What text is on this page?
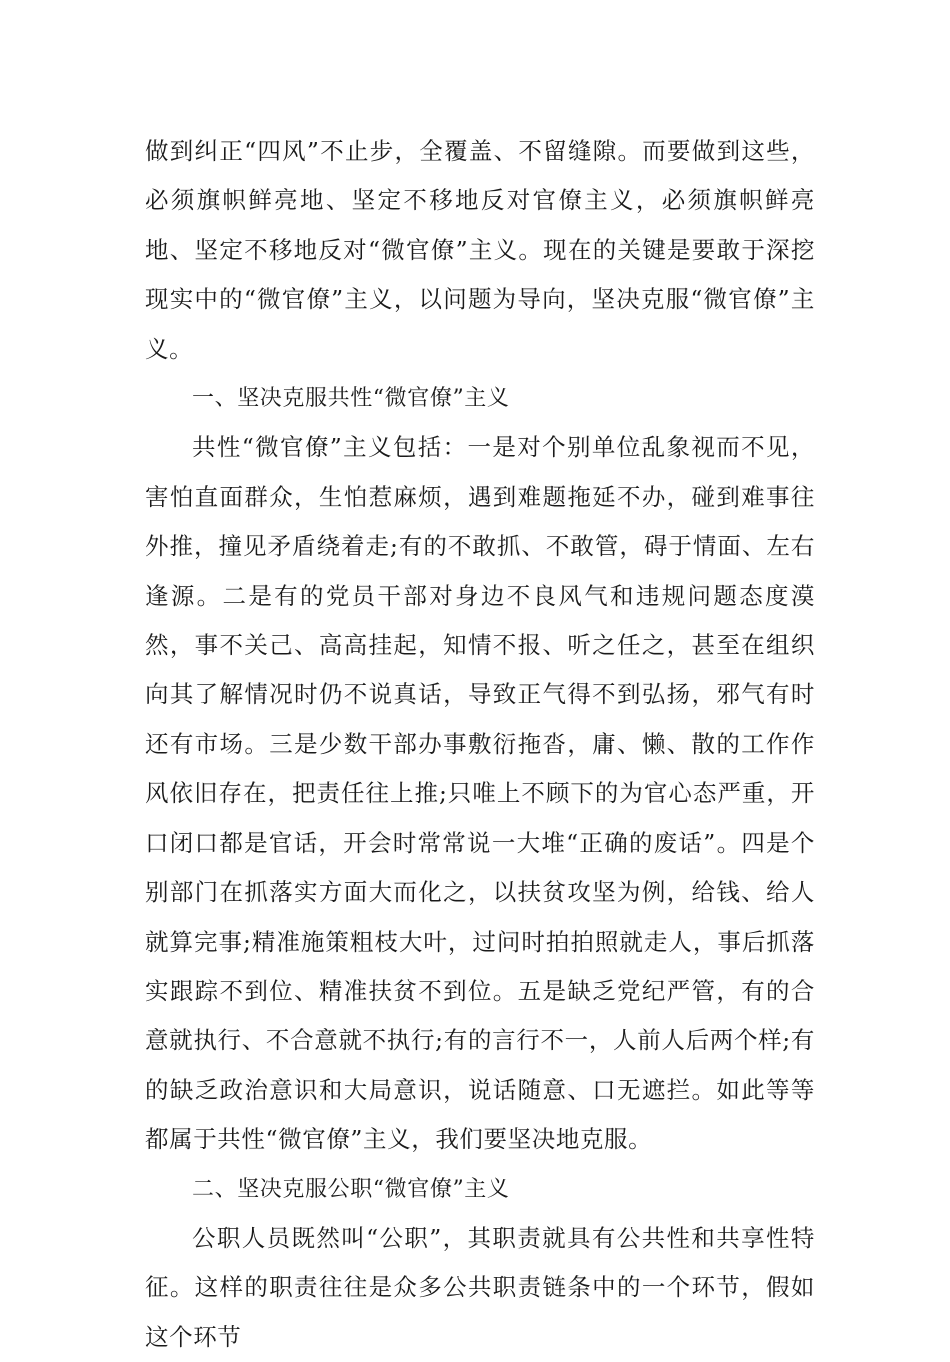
做到纠正“四风”不止步，全覆盖、不留缝隙。而要做到这些，必须旗帜鲜亮地、坚定不移地反对官僚主义，必须旗帜鲜亮地、坚定不移地反对“微官僚”主义。现在的关键是要敢于深挖现实中的“微官僚”主义，以问题为导向，坚决克服“微官僚”主义。

一、坚决克服共性“微官僚”主义

共性“微官僚”主义包括：一是对个别单位乱象视而不见，害怕直面群众，生怕惹麻烦，遇到难题拖延不办，碰到难事往外推，撞见矛盾绕着走;有的不敢抓、不敢管，碍于情面、左右逢源。二是有的党员干部对身边不良风气和违规问题态度漠然，事不关己、高高挂起，知情不报、听之任之，甚至在组织向其了解情况时仍不说真话，导致正气得不到弘扬，邪气有时还有市场。三是少数干部办事敷衍拖沓，庸、懒、散的工作作风依旧存在，把责任往上推;只唯上不顾下的为官心态严重，开口闭口都是官话，开会时常常说一大堆“正确的废话”。四是个别部门在抓落实方面大而化之，以扶贫攻坚为例，给钱、给人就算完事;精准施策粗枝大叶，过问时拍拍照就走人，事后抓落实跟踪不到位、精准扶贫不到位。五是缺乏党纪严管，有的合意就执行、不合意就不执行;有的言行不一，人前人后两个样;有的缺乏政治意识和大局意识，说话随意、口无遮拦。如此等等都属于共性“微官僚”主义，我们要坚决地克服。

二、坚决克服公职“微官僚”主义

公职人员既然叫“公职”，其职责就具有公共性和共享性特征。这样的职责往往是众多公共职责链条中的一个环节，假如这个环节
